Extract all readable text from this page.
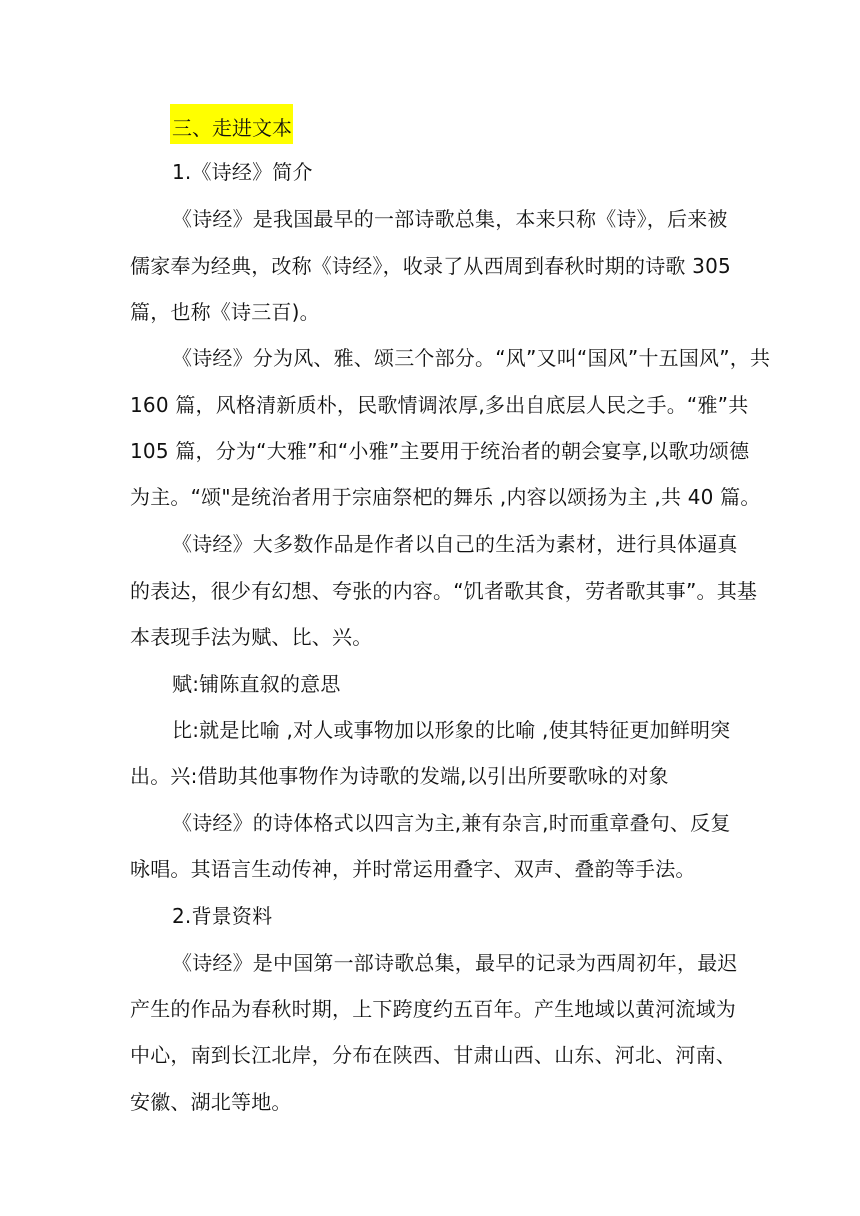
三、走进文本
1.《诗经》简介
《诗经》是我国最早的一部诗歌总集，本来只称《诗》，后来被
儒家奉为经典，改称《诗经》，收录了从西周到春秋时期的诗歌 305
篇，也称《诗三百)。
《诗经》分为风、雅、颂三个部分。“风”又叫“国风”十五国风”，共
160 篇，风格清新质朴，民歌情调浓厚,多出自底层人民之手。“雅”共
105 篇，分为“大雅”和“小雅”主要用于统治者的朝会宴享,以歌功颂德
为主。“颂"是统治者用于宗庙祭杷的舞乐 ,内容以颂扬为主 ,共 40 篇。
《诗经》大多数作品是作者以自己的生活为素材，进行具体逼真
的表达，很少有幻想、夸张的内容。“饥者歌其食，劳者歌其事”。其基
本表现手法为赋、比、兴。
赋:铺陈直叙的意思
比:就是比喻 ,对人或事物加以形象的比喻 ,使其特征更加鲜明突
出。兴:借助其他事物作为诗歌的发端,以引出所要歌咏的对象
《诗经》的诗体格式以四言为主,兼有杂言,时而重章叠句、反复
咏唱。其语言生动传神，并时常运用叠字、双声、叠韵等手法。
2.背景资料
《诗经》是中国第一部诗歌总集，最早的记录为西周初年，最迟
产生的作品为春秋时期，上下跨度约五百年。产生地域以黄河流域为
中心，南到长江北岸，分布在陕西、甘肃山西、山东、河北、河南、
安徽、湖北等地。
